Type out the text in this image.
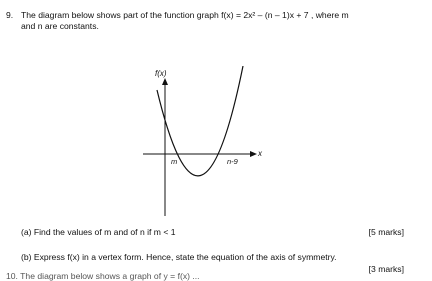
9. The diagram below shows part of the function graph f(x) = 2x² – (n – 1)x + 7 , where m
and n are constants.
f(x)
x
m	n-9
(a) Find the values of m and of n if m < 1	[5 marks]
(b) Express f(x) in a vertex form. Hence, state the equation of the axis of symmetry.
[3 marks]
10. The diagram below shows a graph of y = f(x) ...
